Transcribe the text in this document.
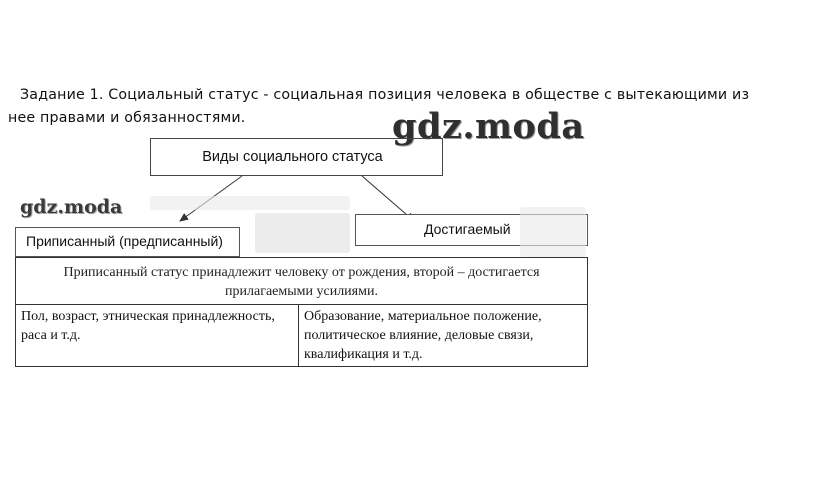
Задание 1. Социальный статус - социальная позиция человека в обществе с вытекающими из
нее правами и обязанностями.	gdz.moda
Виды социального статуса
gdz.moda
Приписанный статус принадлежит человеку от рождения, второй – достигается прилагаемыми усилиями.
Пол, возраст, этническая принадлежность, раса и т.д.	Образование, материальное положение, политическое влияние, деловые связи, квалификация и т.д.
Приписанный (предписанный)
Достигаемый
